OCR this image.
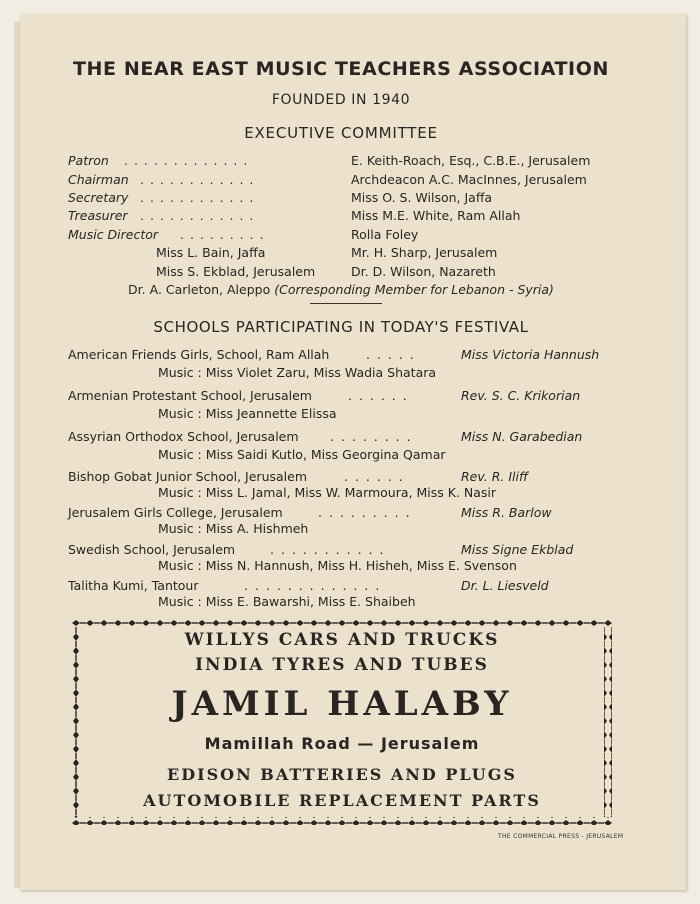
THE NEAR EAST MUSIC TEACHERS ASSOCIATION
FOUNDED IN 1940
EXECUTIVE COMMITTEE
Patron . . . . . . . . . . . . .	E. Keith-Roach, Esq., C.B.E., Jerusalem
Chairman . . . . . . . . . . . .	Archdeacon A.C. MacInnes, Jerusalem
Secretary . . . . . . . . . . . .	Miss O. S. Wilson, Jaffa
Treasurer . . . . . . . . . . . .	Miss M.E. White, Ram Allah
Music Director . . . . . . . . .	Rolla Foley
Miss L. Bain, Jaffa	Mr. H. Sharp, Jerusalem
Miss S. Ekblad, Jerusalem	Dr. D. Wilson, Nazareth
Dr. A. Carleton, Aleppo (Corresponding Member for Lebanon - Syria)
SCHOOLS PARTICIPATING IN TODAY'S FESTIVAL
American Friends Girls, School, Ram Allah	. . . . .	Miss Victoria Hannush
Music : Miss Violet Zaru, Miss Wadia Shatara
Armenian Protestant School, Jerusalem	. . . . . .	Rev. S. C. Krikorian
Music : Miss Jeannette Elissa
Assyrian Orthodox School, Jerusalem	. . . . . . . .	Miss N. Garabedian
Music : Miss Saidi Kutlo, Miss Georgina Qamar
Bishop Gobat Junior School, Jerusalem	. . . . . .	Rev. R. Iliff
Music : Miss L. Jamal, Miss W. Marmoura, Miss K. Nasir
Jerusalem Girls College, Jerusalem	. . . . . . . . .	Miss R. Barlow
Music : Miss A. Hishmeh
Swedish School, Jerusalem	. . . . . . . . . . .	Miss Signe Ekblad
Music : Miss N. Hannush, Miss H. Hisheh, Miss E. Svenson
Talitha Kumi, Tantour	. . . . . . . . . . . . .	Dr. L. Liesveld
Music : Miss E. Bawarshi, Miss E. Shaibeh
WILLYS CARS AND TRUCKS
INDIA TYRES AND TUBES
JAMIL HALABY
Mamillah Road — Jerusalem
EDISON BATTERIES AND PLUGS
AUTOMOBILE REPLACEMENT PARTS
THE COMMERCIAL PRESS - JERUSALEM
